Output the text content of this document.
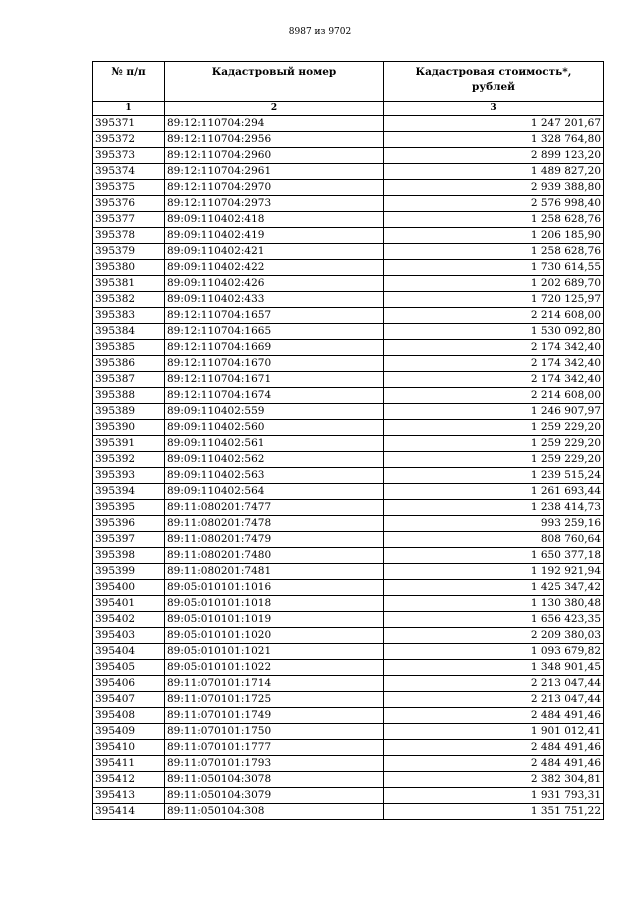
8987 из 9702
№ п/п	Кадастровый номер	Кадастровая стоимость*,
рублей

1	2	3
395371	89:12:110704:294	1 247 201,67
395372	89:12:110704:2956	1 328 764,80
395373	89:12:110704:2960	2 899 123,20
395374	89:12:110704:2961	1 489 827,20
395375	89:12:110704:2970	2 939 388,80
395376	89:12:110704:2973	2 576 998,40
395377	89:09:110402:418	1 258 628,76
395378	89:09:110402:419	1 206 185,90
395379	89:09:110402:421	1 258 628,76
395380	89:09:110402:422	1 730 614,55
395381	89:09:110402:426	1 202 689,70
395382	89:09:110402:433	1 720 125,97
395383	89:12:110704:1657	2 214 608,00
395384	89:12:110704:1665	1 530 092,80
395385	89:12:110704:1669	2 174 342,40
395386	89:12:110704:1670	2 174 342,40
395387	89:12:110704:1671	2 174 342,40
395388	89:12:110704:1674	2 214 608,00
395389	89:09:110402:559	1 246 907,97
395390	89:09:110402:560	1 259 229,20
395391	89:09:110402:561	1 259 229,20
395392	89:09:110402:562	1 259 229,20
395393	89:09:110402:563	1 239 515,24
395394	89:09:110402:564	1 261 693,44
395395	89:11:080201:7477	1 238 414,73
395396	89:11:080201:7478	993 259,16
395397	89:11:080201:7479	808 760,64
395398	89:11:080201:7480	1 650 377,18
395399	89:11:080201:7481	1 192 921,94
395400	89:05:010101:1016	1 425 347,42
395401	89:05:010101:1018	1 130 380,48
395402	89:05:010101:1019	1 656 423,35
395403	89:05:010101:1020	2 209 380,03
395404	89:05:010101:1021	1 093 679,82
395405	89:05:010101:1022	1 348 901,45
395406	89:11:070101:1714	2 213 047,44
395407	89:11:070101:1725	2 213 047,44
395408	89:11:070101:1749	2 484 491,46
395409	89:11:070101:1750	1 901 012,41
395410	89:11:070101:1777	2 484 491,46
395411	89:11:070101:1793	2 484 491,46
395412	89:11:050104:3078	2 382 304,81
395413	89:11:050104:3079	1 931 793,31
395414	89:11:050104:308	1 351 751,22
